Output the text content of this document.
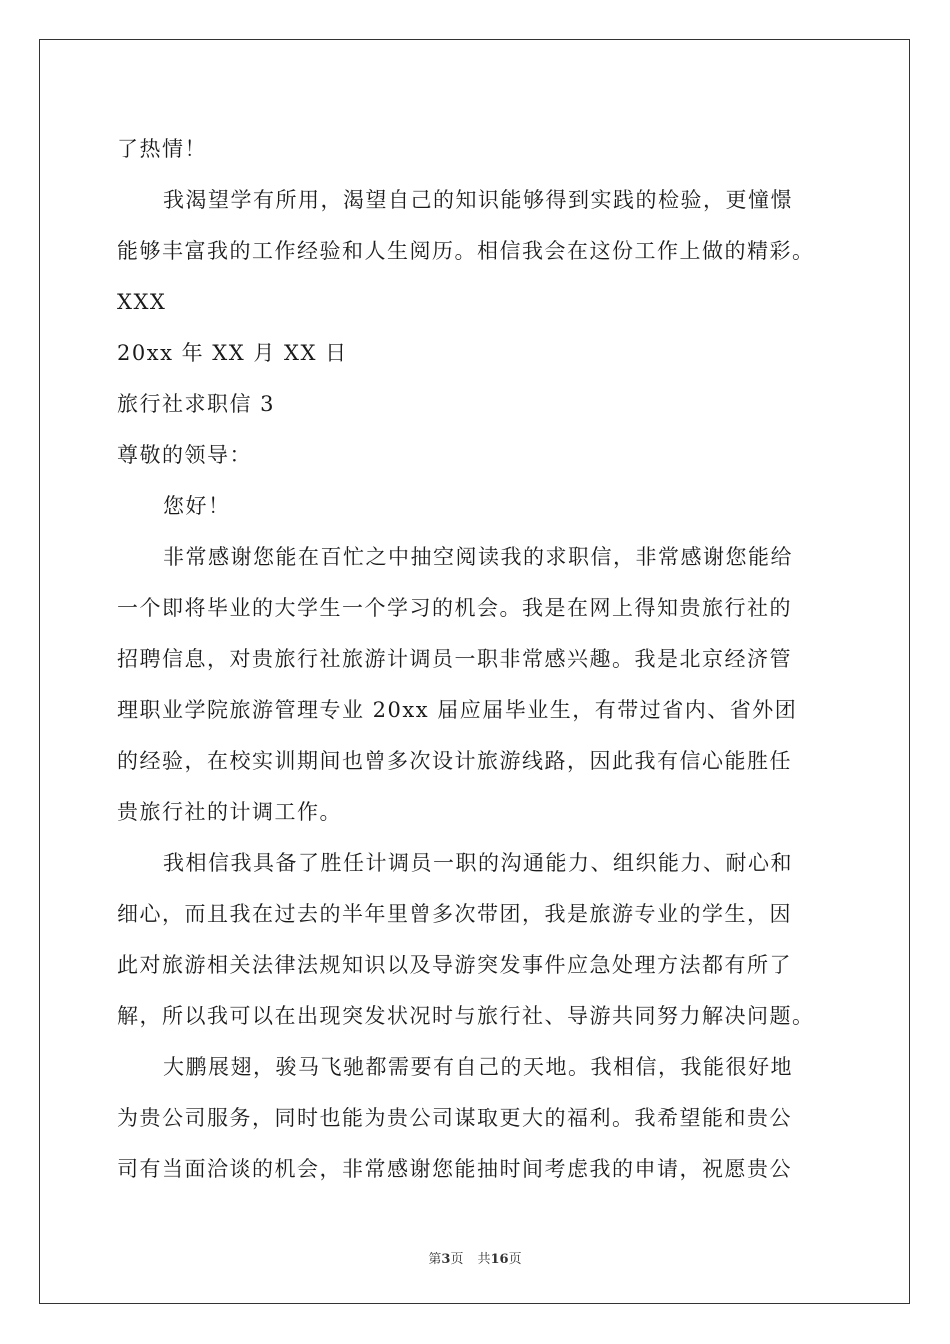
了热情！
我渴望学有所用，渴望自己的知识能够得到实践的检验，更憧憬
能够丰富我的工作经验和人生阅历。相信我会在这份工作上做的精彩。
XXX
20xx 年 XX 月 XX 日
旅行社求职信 3
尊敬的领导：
您好！
非常感谢您能在百忙之中抽空阅读我的求职信，非常感谢您能给
一个即将毕业的大学生一个学习的机会。我是在网上得知贵旅行社的
招聘信息，对贵旅行社旅游计调员一职非常感兴趣。我是北京经济管
理职业学院旅游管理专业 20xx 届应届毕业生，有带过省内、省外团
的经验，在校实训期间也曾多次设计旅游线路，因此我有信心能胜任
贵旅行社的计调工作。
我相信我具备了胜任计调员一职的沟通能力、组织能力、耐心和
细心，而且我在过去的半年里曾多次带团，我是旅游专业的学生，因
此对旅游相关法律法规知识以及导游突发事件应急处理方法都有所了
解，所以我可以在出现突发状况时与旅行社、导游共同努力解决问题。
大鹏展翅，骏马飞驰都需要有自己的天地。我相信，我能很好地
为贵公司服务，同时也能为贵公司谋取更大的福利。我希望能和贵公
司有当面洽谈的机会，非常感谢您能抽时间考虑我的申请，祝愿贵公
第3页 共16页
